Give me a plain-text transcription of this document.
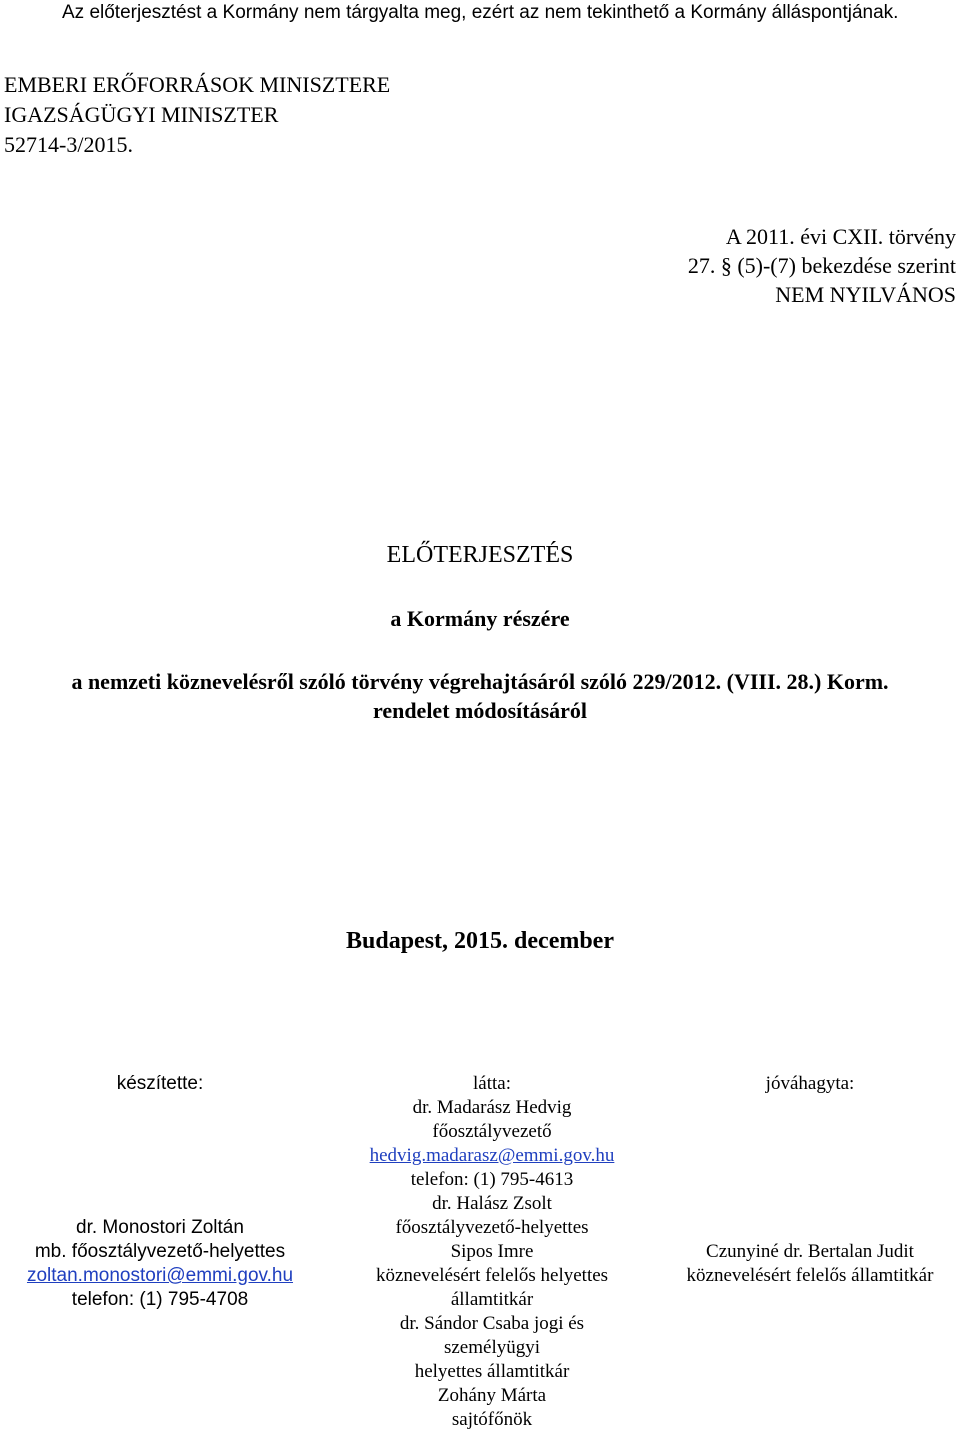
Az előterjesztést a Kormány nem tárgyalta meg, ezért az nem tekinthető a Kormány álláspontjának.
EMBERI ERŐFORRÁSOK MINISZTERE
IGAZSÁGÜGYI MINISZTER
52714-3/2015.
A 2011. évi CXII. törvény
27. § (5)-(7) bekezdése szerint
NEM NYILVÁNOS
ELŐTERJESZTÉS
a Kormány részére
a nemzeti köznevelésről szóló törvény végrehajtásáról szóló 229/2012. (VIII. 28.) Korm.
rendelet módosításáról
Budapest, 2015. december
készítette:
dr. Monostori Zoltán
mb. főosztályvezető-helyettes
zoltan.monostori@emmi.gov.hu
telefon: (1) 795-4708
látta:
dr. Madarász Hedvig
főosztályvezető
hedvig.madarasz@emmi.gov.hu
telefon: (1) 795-4613
dr. Halász Zsolt
főosztályvezető-helyettes
Sipos Imre
köznevelésért felelős helyettes
államtitkár
dr. Sándor Csaba jogi és
személyügyi
helyettes államtitkár
Zohány Márta
sajtófőnök
jóváhagyta:
Czunyiné dr. Bertalan Judit
köznevelésért felelős államtitkár
